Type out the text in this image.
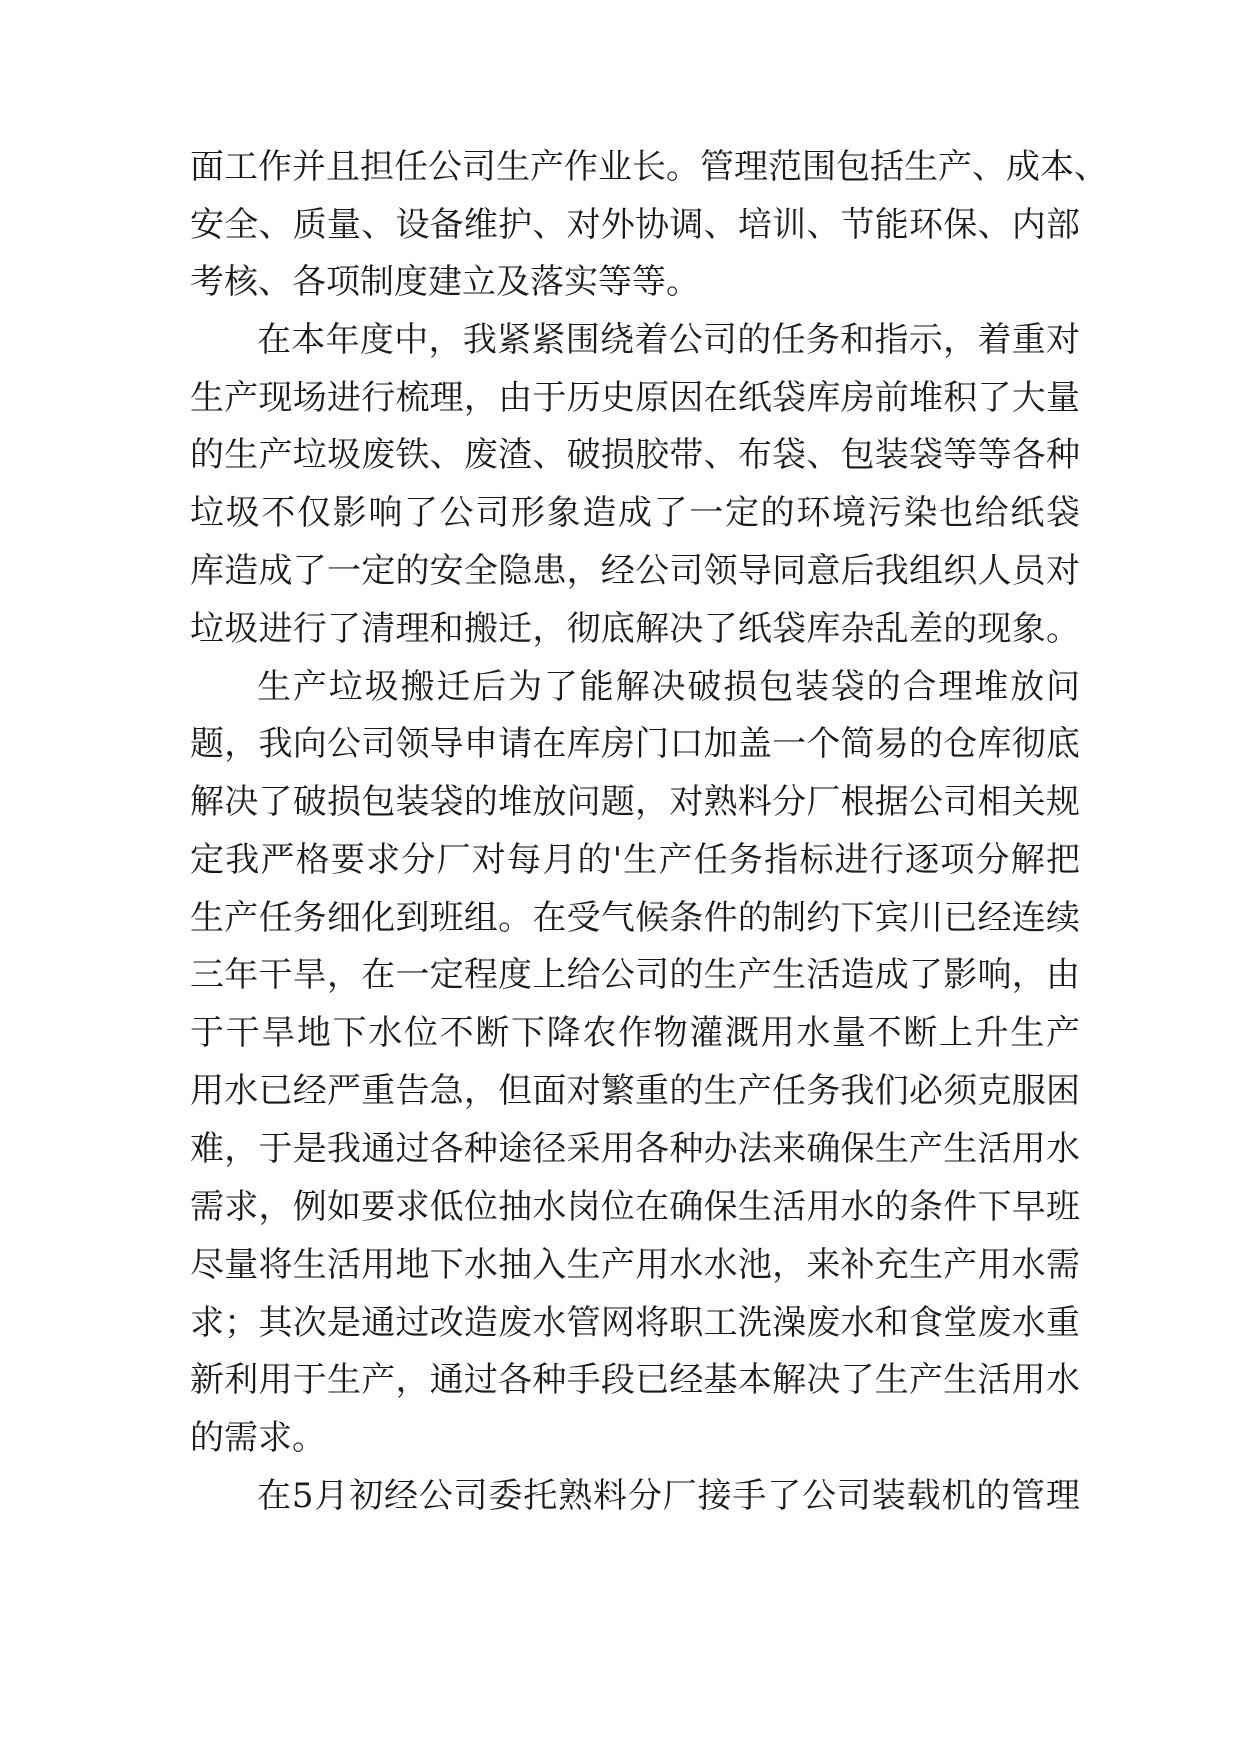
面工作并且担任公司生产作业长。管理范围包括生产、成本、
安全、质量、设备维护、对外协调、培训、节能环保、内部
考核、各项制度建立及落实等等。
在本年度中，我紧紧围绕着公司的任务和指示，着重对
生产现场进行梳理，由于历史原因在纸袋库房前堆积了大量
的生产垃圾废铁、废渣、破损胶带、布袋、包装袋等等各种
垃圾不仅影响了公司形象造成了一定的环境污染也给纸袋
库造成了一定的安全隐患，经公司领导同意后我组织人员对
垃圾进行了清理和搬迁，彻底解决了纸袋库杂乱差的现象。
生产垃圾搬迁后为了能解决破损包装袋的合理堆放问
题，我向公司领导申请在库房门口加盖一个简易的仓库彻底
解决了破损包装袋的堆放问题，对熟料分厂根据公司相关规
定我严格要求分厂对每月的'生产任务指标进行逐项分解把
生产任务细化到班组。在受气候条件的制约下宾川已经连续
三年干旱，在一定程度上给公司的生产生活造成了影响，由
于干旱地下水位不断下降农作物灌溉用水量不断上升生产
用水已经严重告急，但面对繁重的生产任务我们必须克服困
难，于是我通过各种途径采用各种办法来确保生产生活用水
需求，例如要求低位抽水岗位在确保生活用水的条件下早班
尽量将生活用地下水抽入生产用水水池，来补充生产用水需
求；其次是通过改造废水管网将职工洗澡废水和食堂废水重
新利用于生产，通过各种手段已经基本解决了生产生活用水
的需求。
在5月初经公司委托熟料分厂接手了公司装载机的管理
